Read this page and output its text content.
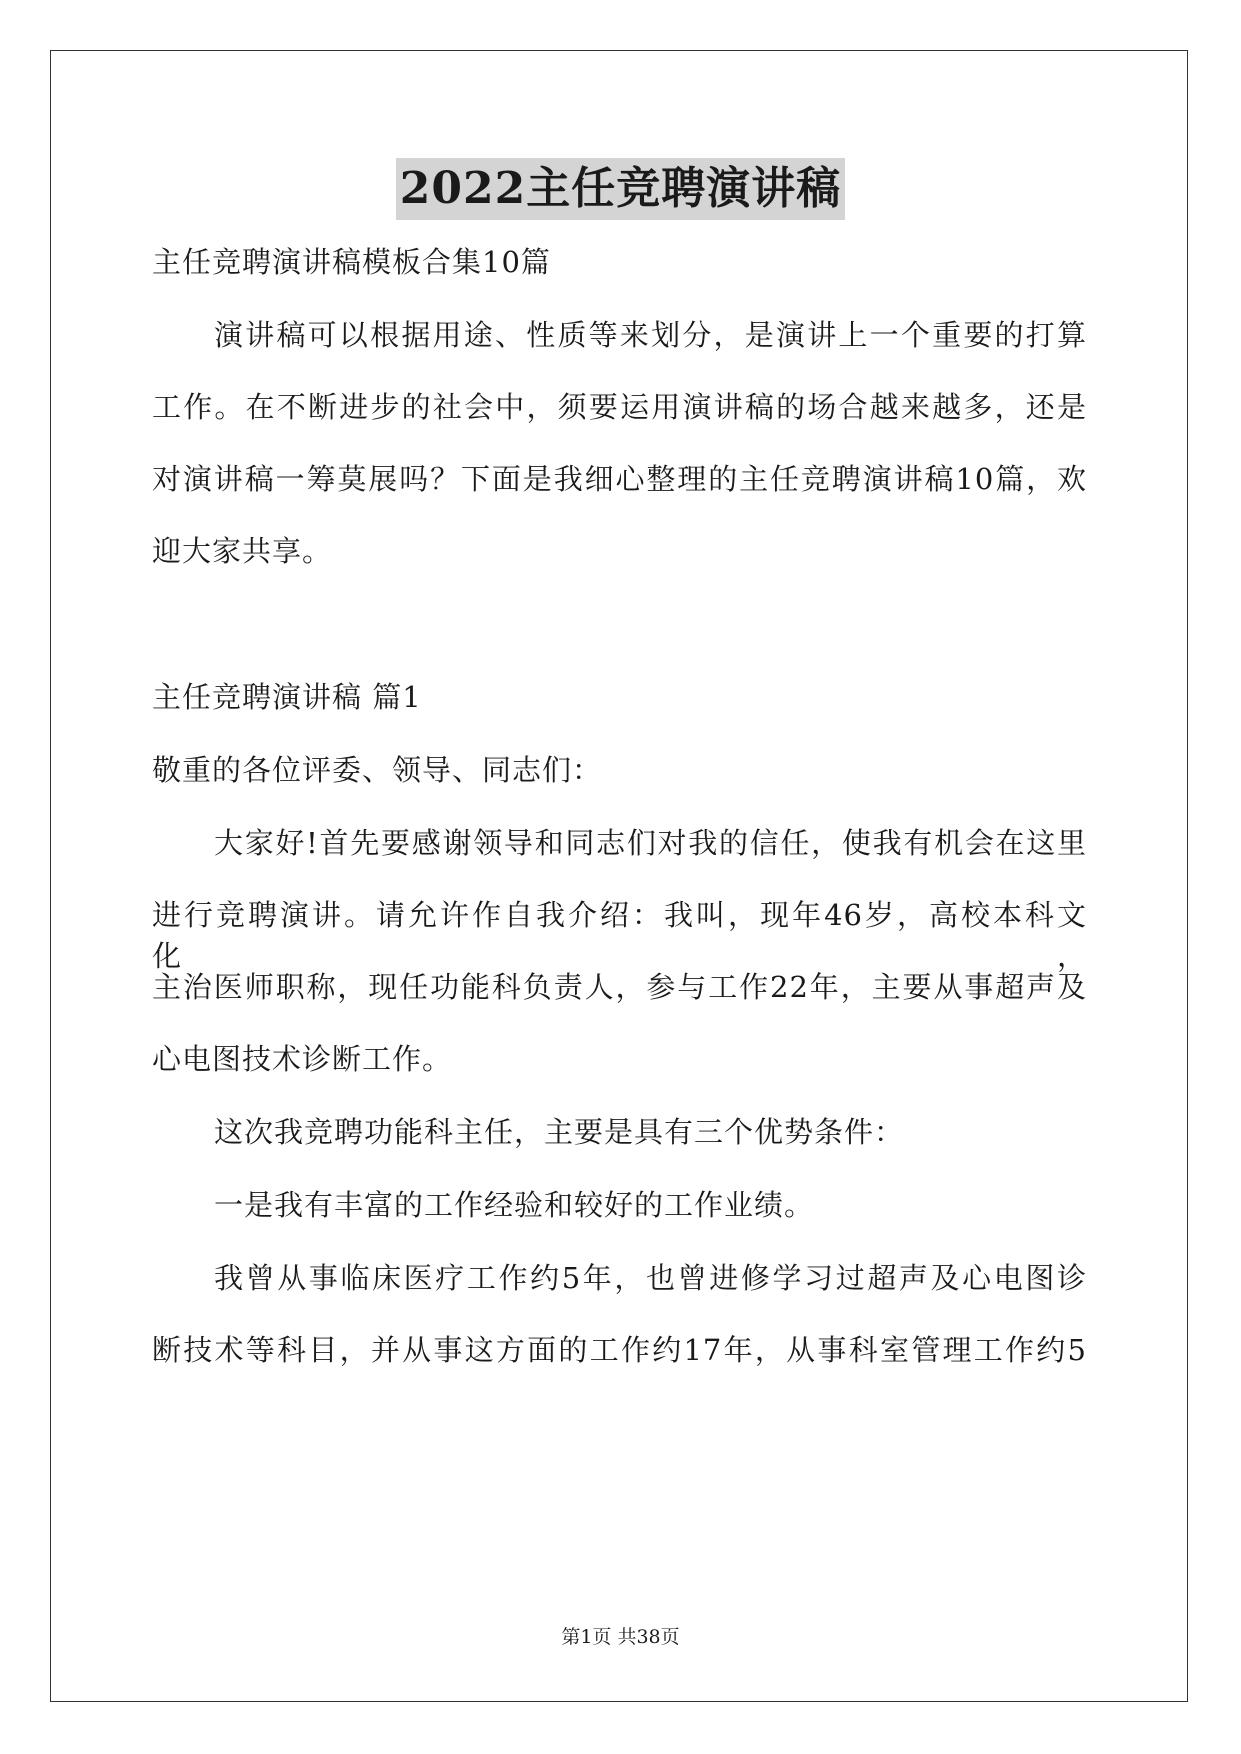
2022主任竞聘演讲稿
主任竞聘演讲稿模板合集10篇
演讲稿可以根据用途、性质等来划分，是演讲上一个重要的打算
工作。在不断进步的社会中，须要运用演讲稿的场合越来越多，还是
对演讲稿一筹莫展吗？下面是我细心整理的主任竞聘演讲稿10篇，欢
迎大家共享。
主任竞聘演讲稿 篇1
敬重的各位评委、领导、同志们：
大家好!首先要感谢领导和同志们对我的信任，使我有机会在这里
进行竞聘演讲。请允许作自我介绍：我叫，现年46岁，高校本科文化，
主治医师职称，现任功能科负责人，参与工作22年，主要从事超声及
心电图技术诊断工作。
这次我竞聘功能科主任，主要是具有三个优势条件：
一是我有丰富的工作经验和较好的工作业绩。
我曾从事临床医疗工作约5年，也曾进修学习过超声及心电图诊
断技术等科目，并从事这方面的工作约17年，从事科室管理工作约5
第1页 共38页
